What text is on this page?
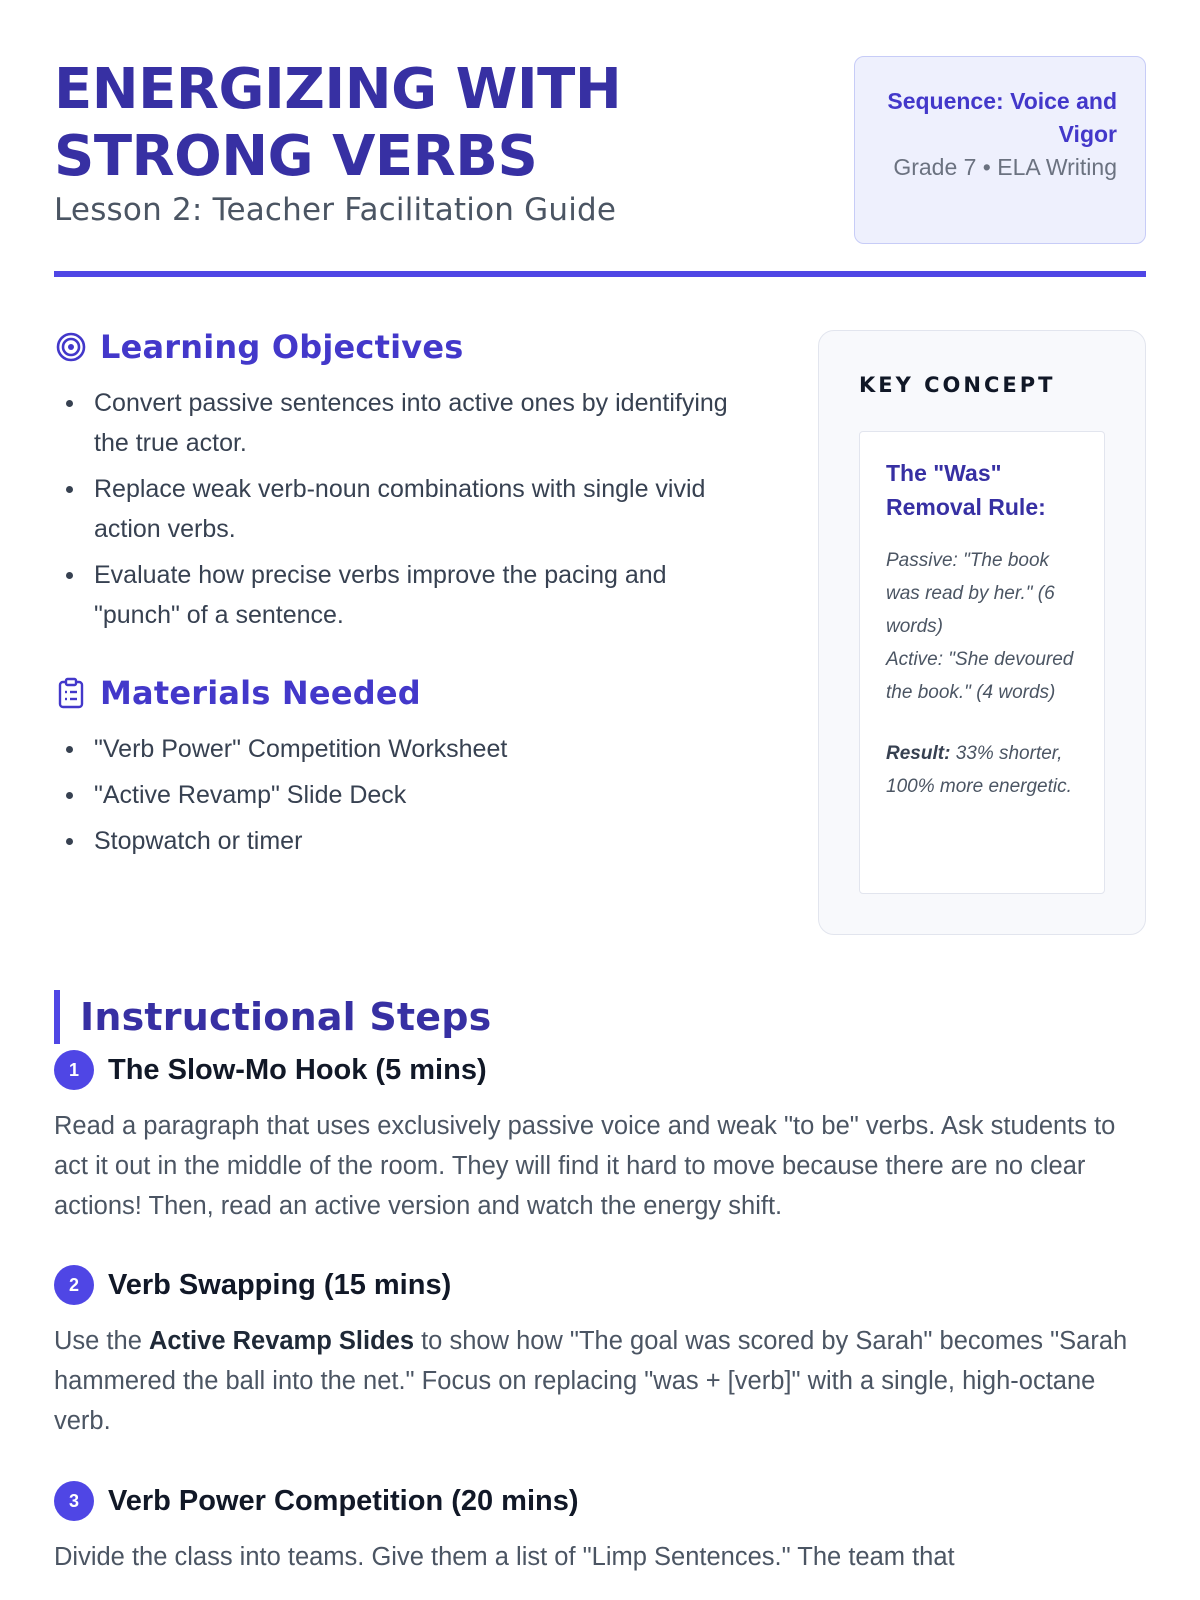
ENERGIZING WITH STRONG VERBS
Lesson 2: Teacher Facilitation Guide
Sequence: Voice and Vigor
Grade 7 • ELA Writing
Learning Objectives
Convert passive sentences into active ones by identifying the true actor.
Replace weak verb-noun combinations with single vivid action verbs.
Evaluate how precise verbs improve the pacing and "punch" of a sentence.
Materials Needed
"Verb Power" Competition Worksheet
"Active Revamp" Slide Deck
Stopwatch or timer
KEY CONCEPT
The "Was" Removal Rule:
Passive: "The book was read by her." (6 words)
Active: "She devoured the book." (4 words)
Result: 33% shorter, 100% more energetic.
Instructional Steps
1	The Slow-Mo Hook (5 mins)
Read a paragraph that uses exclusively passive voice and weak "to be" verbs. Ask students to act it out in the middle of the room. They will find it hard to move because there are no clear actions! Then, read an active version and watch the energy shift.
2	Verb Swapping (15 mins)
Use the Active Revamp Slides to show how "The goal was scored by Sarah" becomes "Sarah hammered the ball into the net." Focus on replacing "was + [verb]" with a single, high-octane verb.
3	Verb Power Competition (20 mins)
Divide the class into teams. Give them a list of "Limp Sentences." The team that
